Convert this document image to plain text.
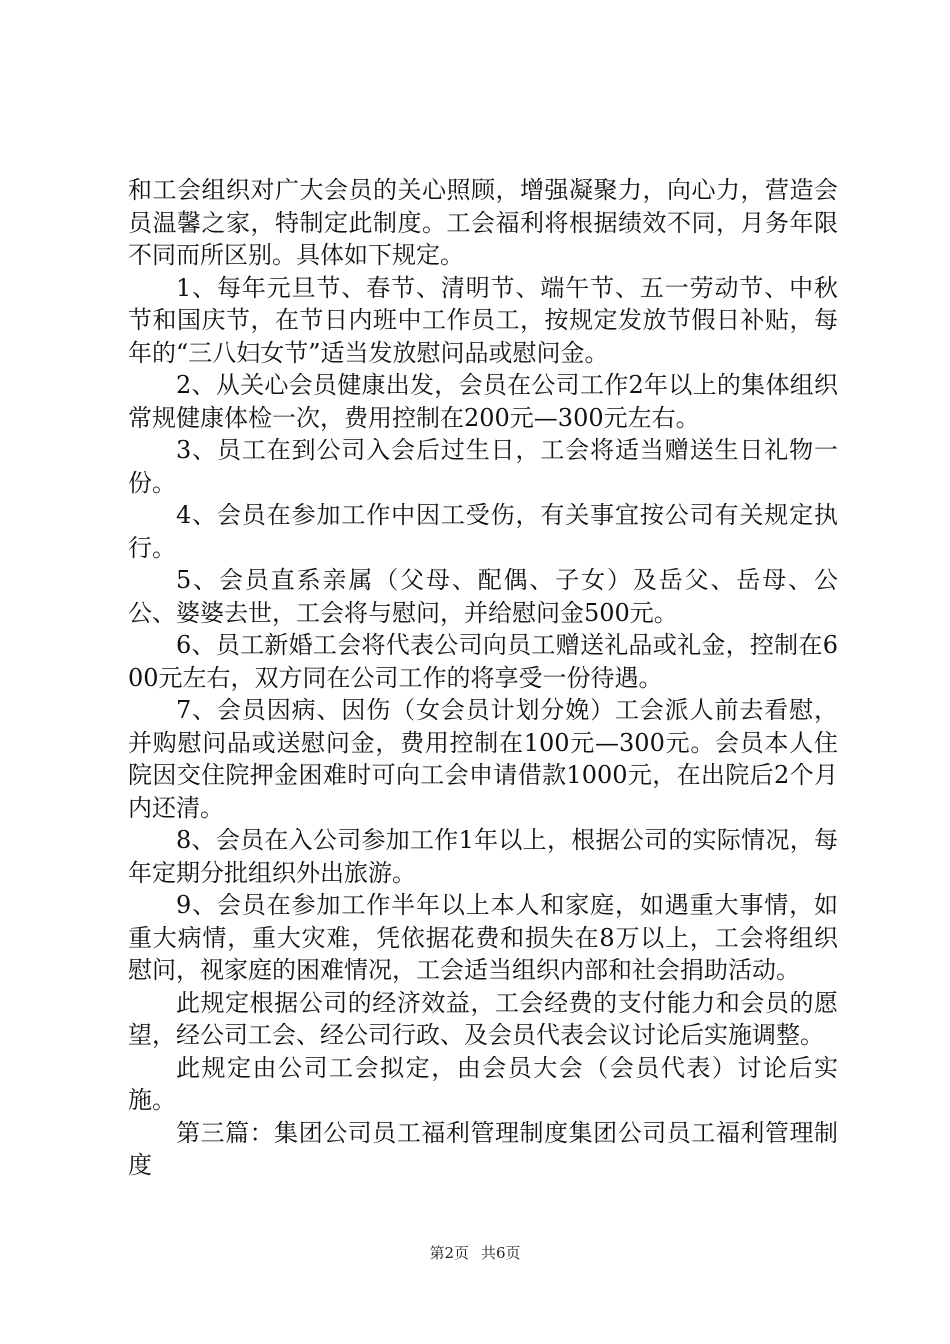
和工会组织对广大会员的关心照顾，增强凝聚力，向心力，营造会员温馨之家，特制定此制度。工会福利将根据绩效不同，月务年限不同而所区别。具体如下规定。

1、每年元旦节、春节、清明节、端午节、五一劳动节、中秋节和国庆节，在节日内班中工作员工，按规定发放节假日补贴，每年的“三八妇女节”适当发放慰问品或慰问金。

2、从关心会员健康出发，会员在公司工作2年以上的集体组织常规健康体检一次，费用控制在200元—300元左右。

3、员工在到公司入会后过生日，工会将适当赠送生日礼物一份。

4、会员在参加工作中因工受伤，有关事宜按公司有关规定执行。

5、会员直系亲属（父母、配偶、子女）及岳父、岳母、公公、婆婆去世，工会将与慰问，并给慰问金500元。

6、员工新婚工会将代表公司向员工赠送礼品或礼金，控制在600元左右，双方同在公司工作的将享受一份待遇。

7、会员因病、因伤（女会员计划分娩）工会派人前去看慰，并购慰问品或送慰问金，费用控制在100元—300元。会员本人住院因交住院押金困难时可向工会申请借款1000元，在出院后2个月内还清。

8、会员在入公司参加工作1年以上，根据公司的实际情况，每年定期分批组织外出旅游。

9、会员在参加工作半年以上本人和家庭，如遇重大事情，如重大病情，重大灾难，凭依据花费和损失在8万以上，工会将组织慰问，视家庭的困难情况，工会适当组织内部和社会捐助活动。

此规定根据公司的经济效益，工会经费的支付能力和会员的愿望，经公司工会、经公司行政、及会员代表会议讨论后实施调整。

此规定由公司工会拟定，由会员大会（会员代表）讨论后实施。

第三篇：集团公司员工福利管理制度集团公司员工福利管理制度

第2页 共6页
